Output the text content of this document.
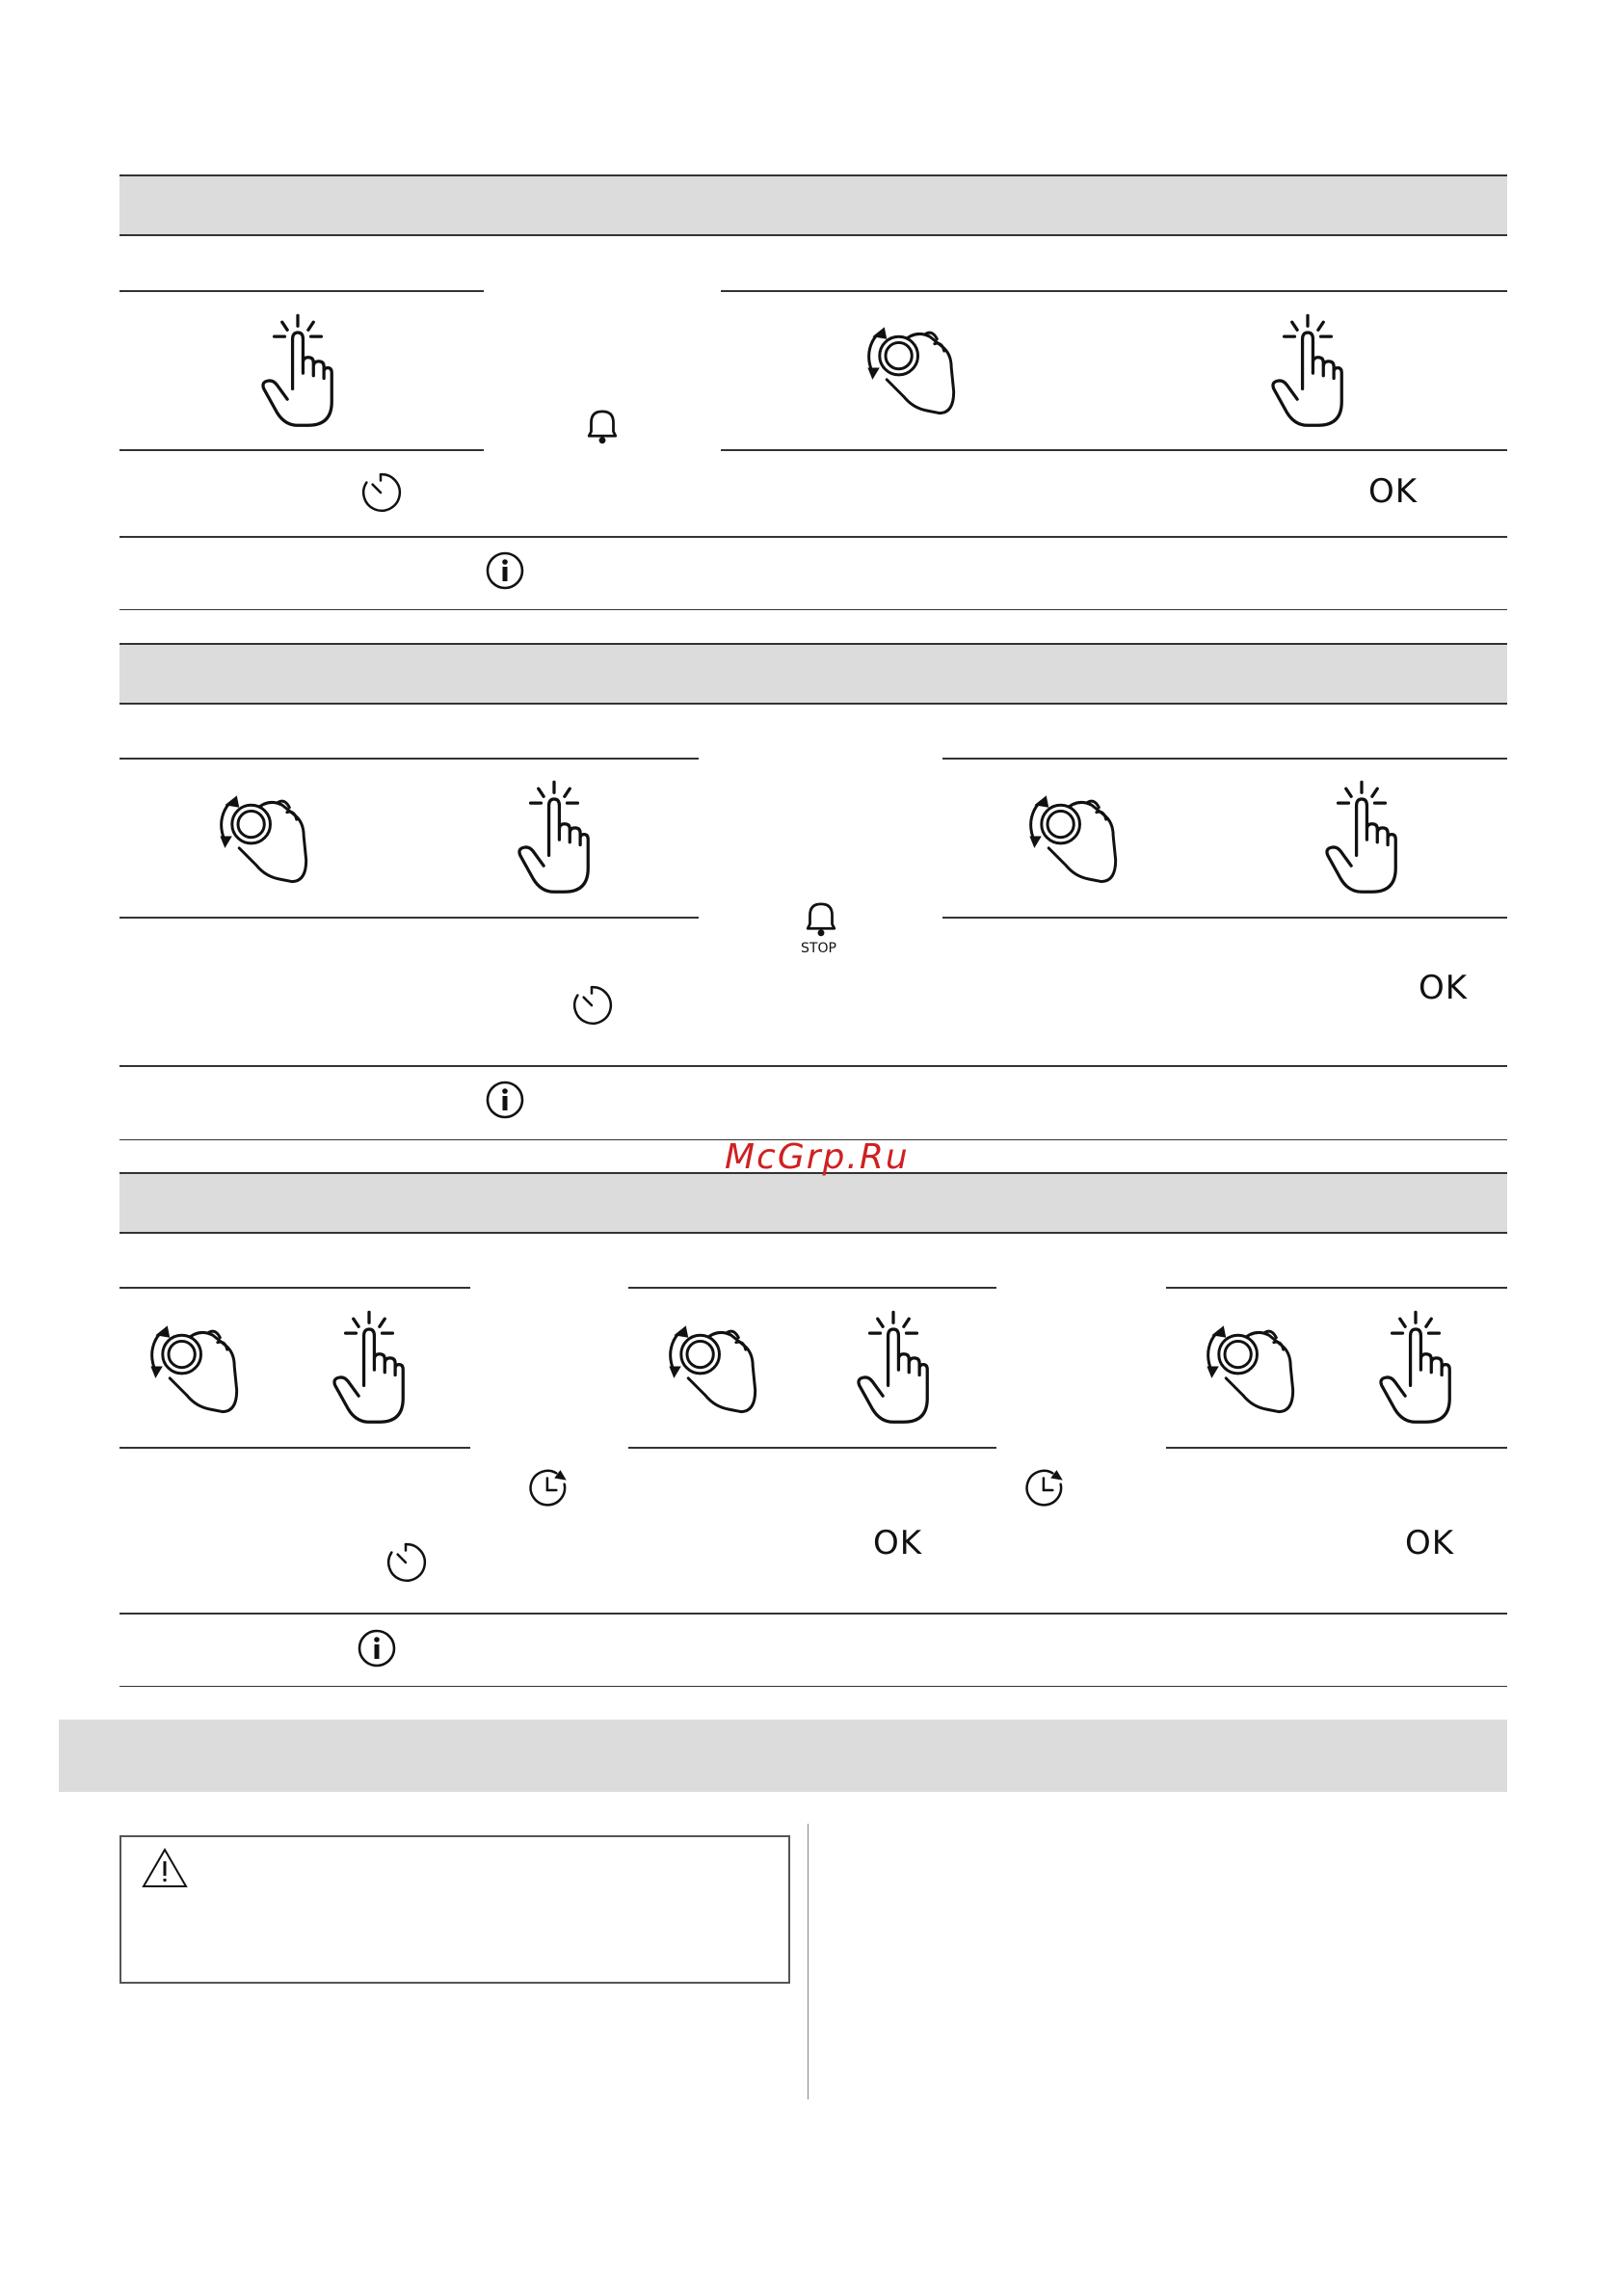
OK
STOP
OK
McGrp.Ru
OK	OK
